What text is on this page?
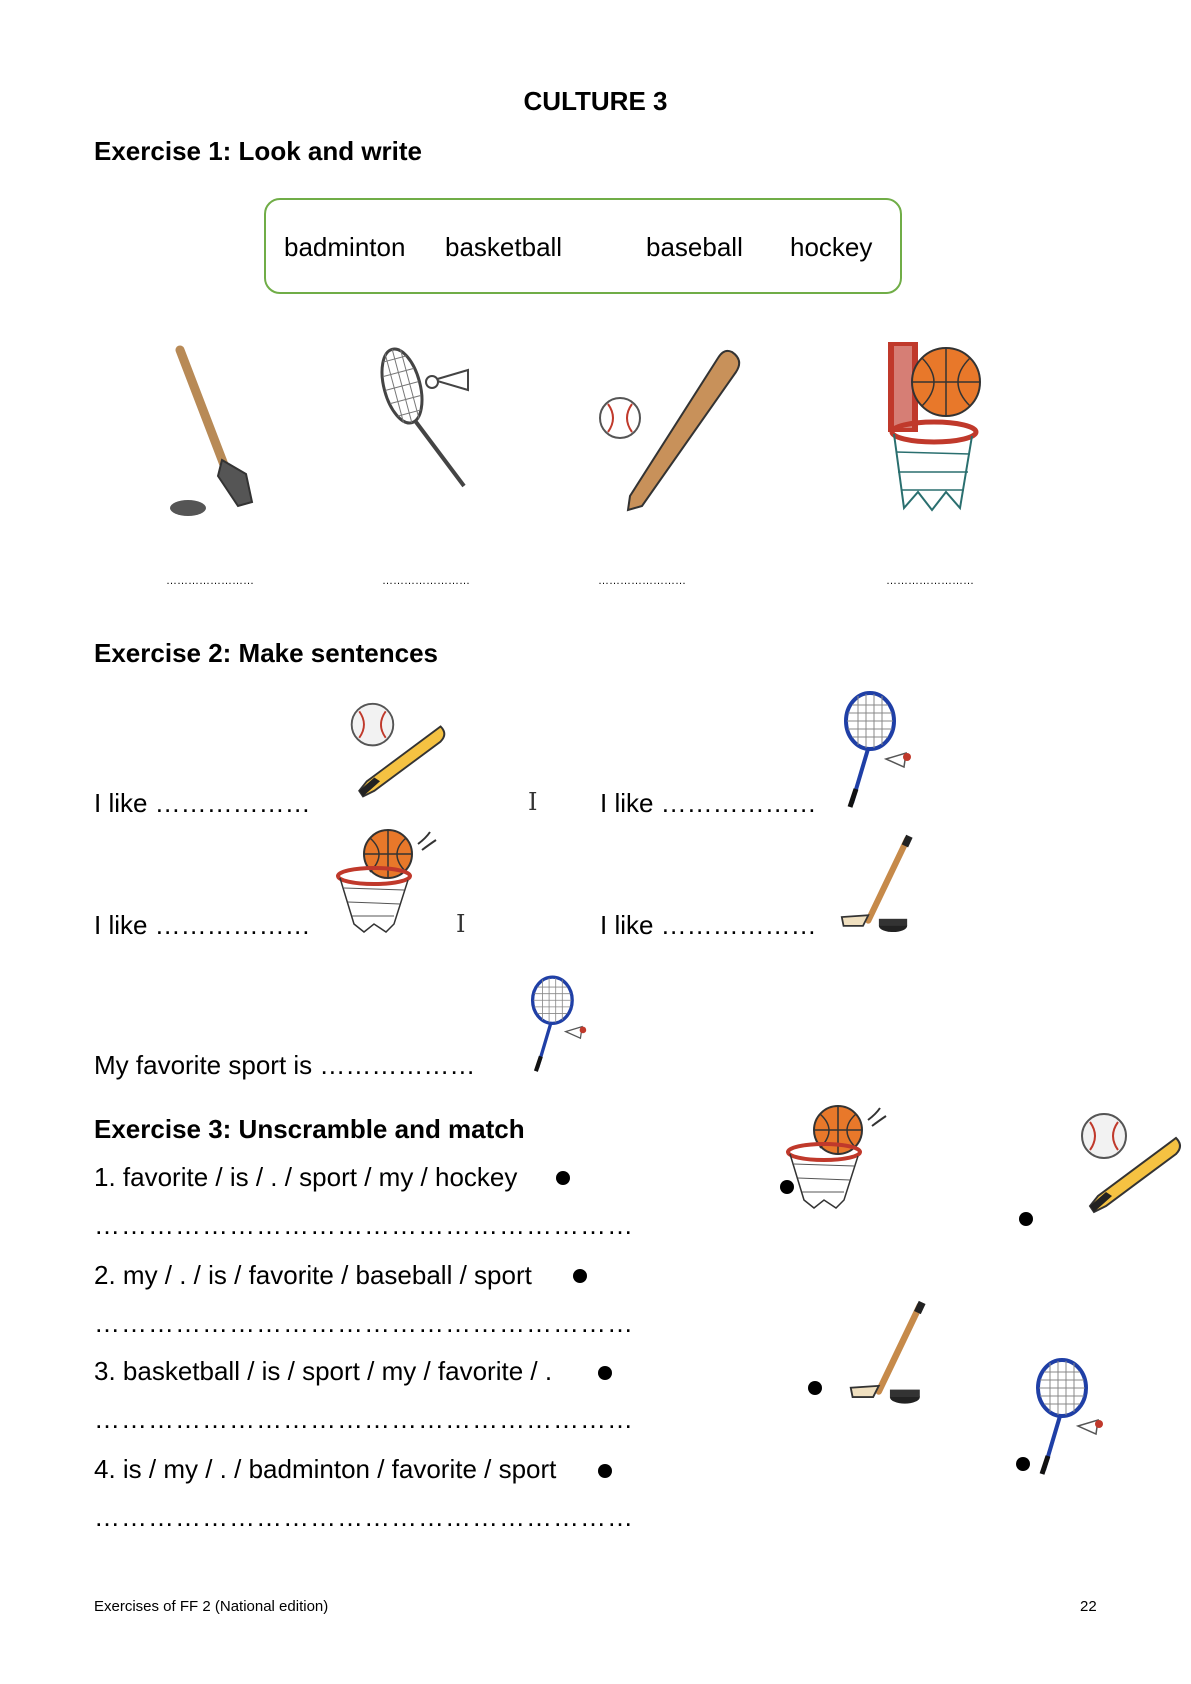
CULTURE 3
Exercise 1: Look and write
badminton basketball	baseball hockey
……………………	……………………	……………………	……………………
Exercise 2: Make sentences
I like ………………	I I like ………………
I like ………………	I	I like ………………
My favorite sport is ………………
Exercise 3: Unscramble and match
1. favorite / is / . / sport / my / hockey
……………………………………………………
2. my / . / is / favorite / baseball / sport
……………………………………………………
3. basketball / is / sport / my / favorite / .
……………………………………………………
4. is / my / . / badminton / favorite / sport
……………………………………………………
Exercises of FF 2 (National edition)	22
